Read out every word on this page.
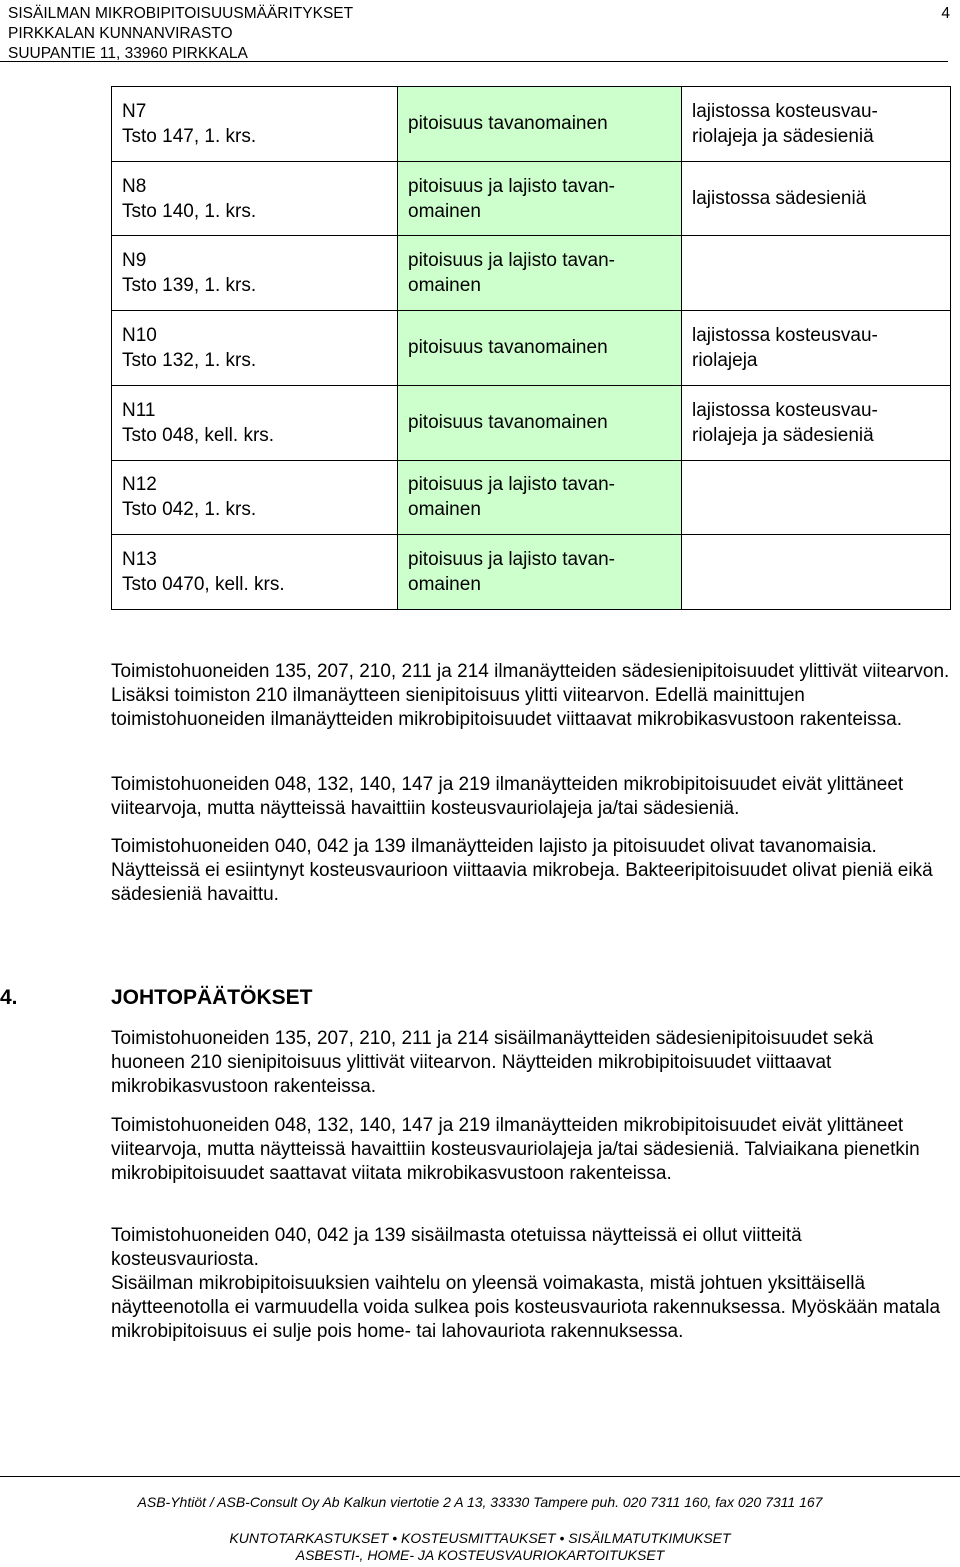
SISÄILMAN MIKROBIPITOISUUSMÄÄRITYKSET
PIRKKALAN KUNNANVIRASTO
SUUPANTIE 11, 33960 PIRKKALA
4
N7
Tsto 147, 1. krs.	pitoisuus tavanomainen	lajistossa kosteusvau-riolajeja ja sädesieniä

N8
Tsto 140, 1. krs.	pitoisuus ja lajisto tavan-omainen	lajistossa sädesieniä

N9
Tsto 139, 1. krs.	pitoisuus ja lajisto tavan-omainen	

N10
Tsto 132, 1. krs.	pitoisuus tavanomainen	lajistossa kosteusvau-riolajeja

N11
Tsto 048, kell. krs.	pitoisuus tavanomainen	lajistossa kosteusvau-riolajeja ja sädesieniä

N12
Tsto 042, 1. krs.	pitoisuus ja lajisto tavan-omainen	

N13
Tsto 0470, kell. krs.	pitoisuus ja lajisto tavan-omainen	

Toimistohuoneiden 135, 207, 210, 211 ja 214 ilmanäytteiden sädesienipitoisuudet ylittivät viitearvon. Lisäksi toimiston 210 ilmanäytteen sienipitoisuus ylitti viitearvon. Edellä mainittujen toimistohuoneiden ilmanäytteiden mikrobipitoisuudet viittaavat mikrobikasvustoon rakenteissa.

Toimistohuoneiden 048, 132, 140, 147 ja 219 ilmanäytteiden mikrobipitoisuudet eivät ylittäneet viitearvoja, mutta näytteissä havaittiin kosteusvauriolajeja ja/tai sädesieniä.

Toimistohuoneiden 040, 042 ja 139 ilmanäytteiden lajisto ja pitoisuudet olivat tavanomaisia. Näytteissä ei esiintynyt kosteusvaurioon viittaavia mikrobeja. Bakteeripitoisuudet olivat pieniä eikä sädesieniä havaittu.

4.	JOHTOPÄÄTÖKSET

Toimistohuoneiden 135, 207, 210, 211 ja 214 sisäilmanäytteiden sädesienipitoisuudet sekä huoneen 210 sienipitoisuus ylittivät viitearvon. Näytteiden mikrobipitoisuudet viittaavat mikrobikasvustoon rakenteissa.

Toimistohuoneiden 048, 132, 140, 147 ja 219 ilmanäytteiden mikrobipitoisuudet eivät ylittäneet viitearvoja, mutta näytteissä havaittiin kosteusvauriolajeja ja/tai sädesieniä. Talviaikana pienetkin mikrobipitoisuudet saattavat viitata mikrobikasvustoon rakenteissa.

Toimistohuoneiden 040, 042 ja 139 sisäilmasta otetuissa näytteissä ei ollut viitteitä kosteusvauriosta.

Sisäilman mikrobipitoisuuksien vaihtelu on yleensä voimakasta, mistä johtuen yksittäisellä näytteenotolla ei varmuudella voida sulkea pois kosteusvauriota rakennuksessa. Myöskään matala mikrobipitoisuus ei sulje pois home- tai lahovauriota rakennuksessa.

ASB-Yhtiöt / ASB-Consult Oy Ab Kalkun viertotie 2 A 13, 33330 Tampere puh. 020 7311 160, fax 020 7311 167
KUNTOTARKASTUKSET • KOSTEUSMITTAUKSET • SISÄILMATUTKIMUKSET
ASBESTI-, HOME- JA KOSTEUSVAURIOKARTOITUKSET
